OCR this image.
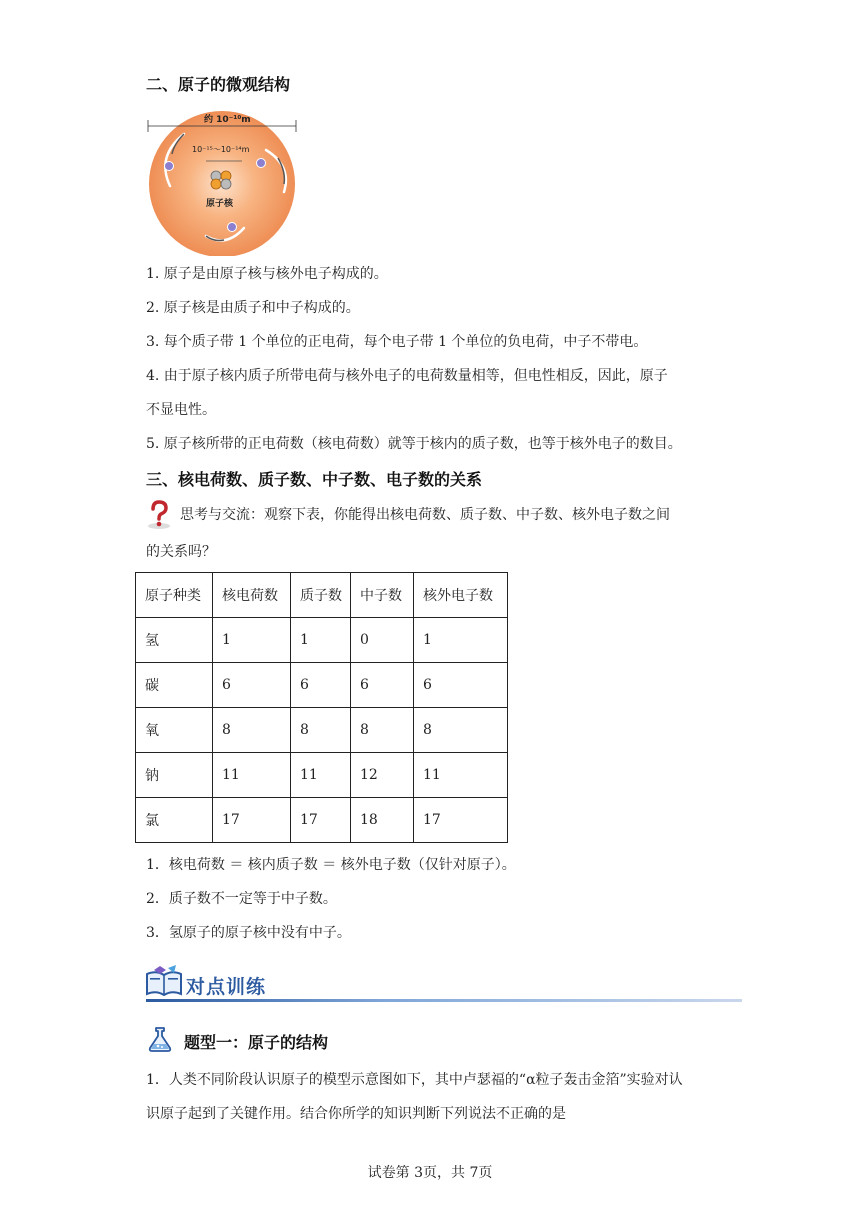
二、原子的微观结构
约 10⁻¹⁰m
10⁻¹⁵～10⁻¹⁴m
原子核
1. 原子是由原子核与核外电子构成的。
2. 原子核是由质子和中子构成的。
3. 每个质子带 1 个单位的正电荷，每个电子带 1 个单位的负电荷，中子不带电。
4. 由于原子核内质子所带电荷与核外电子的电荷数量相等，但电性相反，因此，原子
不显电性。
5. 原子核所带的正电荷数（核电荷数）就等于核内的质子数，也等于核外电子的数目。
三、核电荷数、质子数、中子数、电子数的关系
思考与交流：观察下表，你能得出核电荷数、质子数、中子数、核外电子数之间
的关系吗？
原子种类	核电荷数	质子数	中子数	核外电子数
氢	1	1	0	1
碳	6	6	6	6
氧	8	8	8	8
钠	11	11	12	11
氯	17	17	18	17
1．核电荷数 ＝ 核内质子数 ＝ 核外电子数（仅针对原子）。
2．质子数不一定等于中子数。
3．氢原子的原子核中没有中子。
对点训练
题型一：原子的结构
1．人类不同阶段认识原子的模型示意图如下，其中卢瑟福的“α粒子轰击金箔”实验对认
识原子起到了关键作用。结合你所学的知识判断下列说法不正确的是
试卷第 3页，共 7页
